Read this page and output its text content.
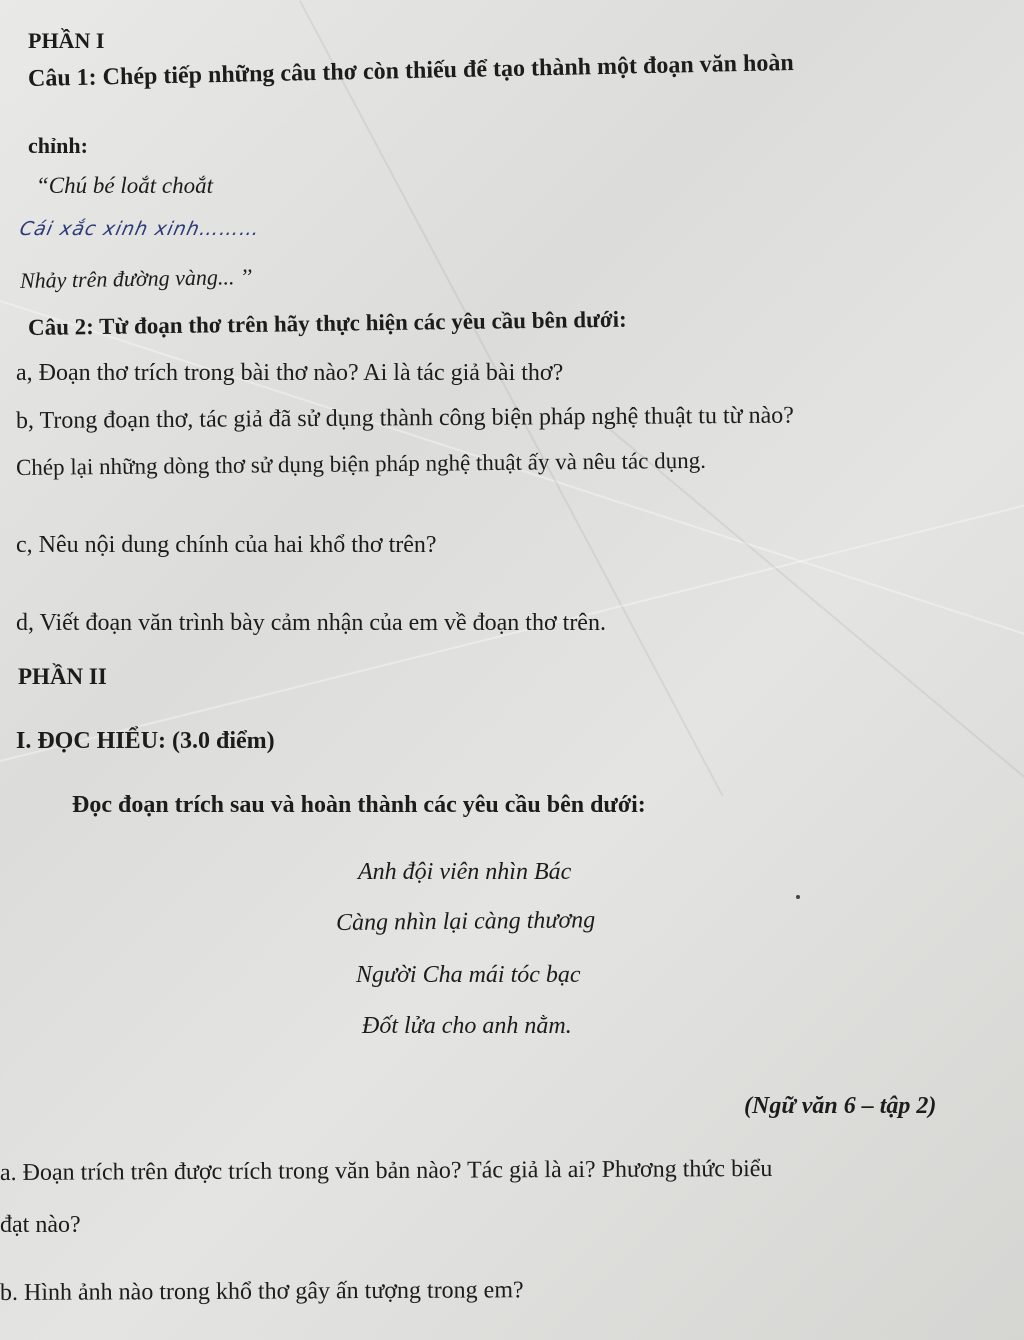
PHẦN I
Câu 1: Chép tiếp những câu thơ còn thiếu để tạo thành một đoạn văn hoàn
chỉnh:
“Chú bé loắt choắt
Cái xắc xinh xinh………
Nhảy trên đường vàng... ’’
Câu 2: Từ đoạn thơ trên hãy thực hiện các yêu cầu bên dưới:
a, Đoạn thơ trích trong bài thơ nào? Ai là tác giả bài thơ?
b, Trong đoạn thơ, tác giả đã sử dụng thành công biện pháp nghệ thuật tu từ nào?
Chép lại những dòng thơ sử dụng biện pháp nghệ thuật ấy và nêu tác dụng.
c, Nêu nội dung chính của hai khổ thơ trên?
d, Viết đoạn văn trình bày cảm nhận của em về đoạn thơ trên.
PHẦN II
I. ĐỌC HIỂU: (3.0 điểm)
Đọc đoạn trích sau và hoàn thành các yêu cầu bên dưới:
Anh đội viên nhìn Bác
Càng nhìn lại càng thương
Người Cha mái tóc bạc
Đốt lửa cho anh nằm.
(Ngữ văn 6 – tập 2)
a. Đoạn trích trên được trích trong văn bản nào? Tác giả là ai? Phương thức biểu
đạt nào?
b. Hình ảnh nào trong khổ thơ gây ấn tượng trong em?
